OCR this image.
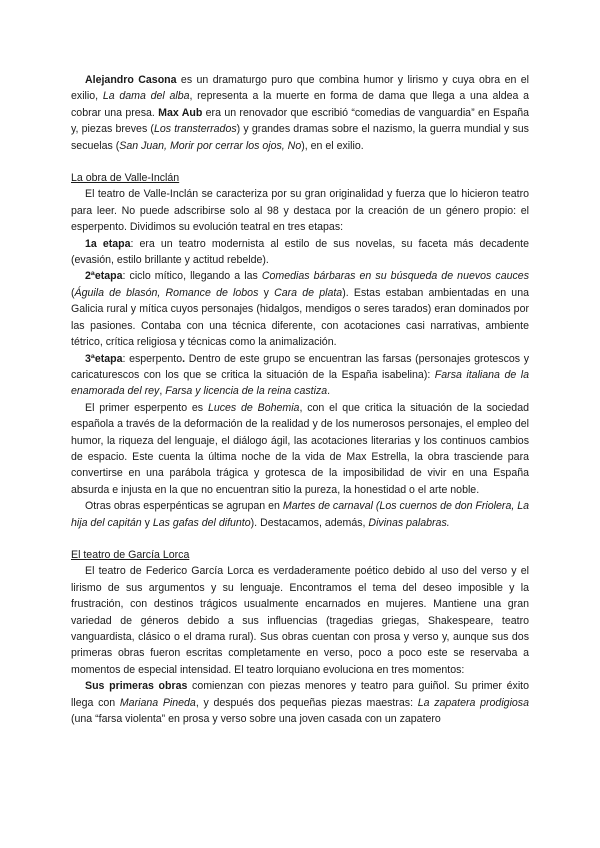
Alejandro Casona es un dramaturgo puro que combina humor y lirismo y cuya obra en el exilio, La dama del alba, representa a la muerte en forma de dama que llega a una aldea a cobrar una presa. Max Aub era un renovador que escribió “comedias de vanguardia” en España y, piezas breves (Los transterrados) y grandes dramas sobre el nazismo, la guerra mundial y sus secuelas (San Juan, Morir por cerrar los ojos, No), en el exilio.

La obra de Valle-Inclán

El teatro de Valle-Inclán se caracteriza por su gran originalidad y fuerza que lo hicieron teatro para leer. No puede adscribirse solo al 98 y destaca por la creación de un género propio: el esperpento. Dividimos su evolución teatral en tres etapas:

1a etapa: era un teatro modernista al estilo de sus novelas, su faceta más decadente (evasión, estilo brillante y actitud rebelde).

2ªetapa: ciclo mítico, llegando a las Comedias bárbaras en su búsqueda de nuevos cauces (Águila de blasón, Romance de lobos y Cara de plata). Estas estaban ambientadas en una Galicia rural y mítica cuyos personajes (hidalgos, mendigos o seres tarados) eran dominados por las pasiones. Contaba con una técnica diferente, con acotaciones casi narrativas, ambiente tétrico, crítica religiosa y técnicas como la animalización.

3ªetapa: esperpento. Dentro de este grupo se encuentran las farsas (personajes grotescos y caricaturescos con los que se critica la situación de la España isabelina): Farsa italiana de la enamorada del rey, Farsa y licencia de la reina castiza.

El primer esperpento es Luces de Bohemia, con el que critica la situación de la sociedad española a través de la deformación de la realidad y de los numerosos personajes, el empleo del humor, la riqueza del lenguaje, el diálogo ágil, las acotaciones literarias y los continuos cambios de espacio. Este cuenta la última noche de la vida de Max Estrella, la obra trasciende para convertirse en una parábola trágica y grotesca de la imposibilidad de vivir en una España absurda e injusta en la que no encuentran sitio la pureza, la honestidad o el arte noble.

Otras obras esperpénticas se agrupan en Martes de carnaval (Los cuernos de don Friolera, La hija del capitán y Las gafas del difunto). Destacamos, además, Divinas palabras.

El teatro de García Lorca

El teatro de Federico García Lorca es verdaderamente poético debido al uso del verso y el lirismo de sus argumentos y su lenguaje. Encontramos el tema del deseo imposible y la frustración, con destinos trágicos usualmente encarnados en mujeres. Mantiene una gran variedad de géneros debido a sus influencias (tragedias griegas, Shakespeare, teatro vanguardista, clásico o el drama rural). Sus obras cuentan con prosa y verso y, aunque sus dos primeras obras fueron escritas completamente en verso, poco a poco este se reservaba a momentos de especial intensidad. El teatro lorquiano evoluciona en tres momentos:

Sus primeras obras comienzan con piezas menores y teatro para guiñol. Su primer éxito llega con Mariana Pineda, y después dos pequeñas piezas maestras: La zapatera prodigiosa (una “farsa violenta” en prosa y verso sobre una joven casada con un zapatero
